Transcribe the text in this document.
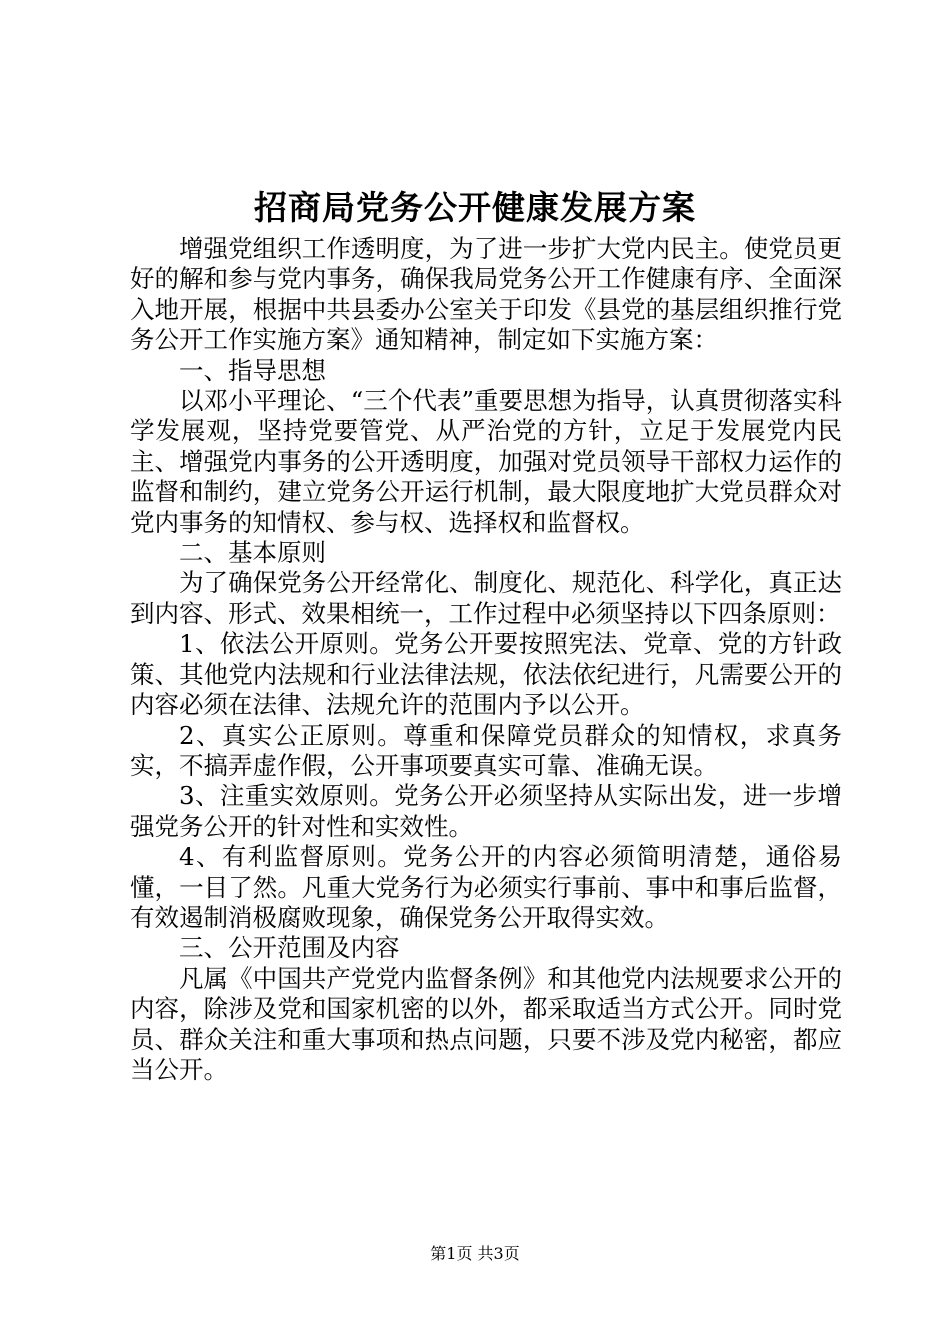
招商局党务公开健康发展方案

增强党组织工作透明度，为了进一步扩大党内民主。使党员更好的解和参与党内事务，确保我局党务公开工作健康有序、全面深入地开展，根据中共县委办公室关于印发《县党的基层组织推行党务公开工作实施方案》通知精神，制定如下实施方案：

一、指导思想

以邓小平理论、“三个代表”重要思想为指导，认真贯彻落实科学发展观，坚持党要管党、从严治党的方针，立足于发展党内民主、增强党内事务的公开透明度，加强对党员领导干部权力运作的监督和制约，建立党务公开运行机制，最大限度地扩大党员群众对党内事务的知情权、参与权、选择权和监督权。

二、基本原则

为了确保党务公开经常化、制度化、规范化、科学化，真正达到内容、形式、效果相统一，工作过程中必须坚持以下四条原则：

1、依法公开原则。党务公开要按照宪法、党章、党的方针政策、其他党内法规和行业法律法规，依法依纪进行，凡需要公开的内容必须在法律、法规允许的范围内予以公开。

2、真实公正原则。尊重和保障党员群众的知情权，求真务实，不搞弄虚作假，公开事项要真实可靠、准确无误。

3、注重实效原则。党务公开必须坚持从实际出发，进一步增强党务公开的针对性和实效性。

4、有利监督原则。党务公开的内容必须简明清楚，通俗易懂，一目了然。凡重大党务行为必须实行事前、事中和事后监督，有效遏制消极腐败现象，确保党务公开取得实效。

三、公开范围及内容

凡属《中国共产党党内监督条例》和其他党内法规要求公开的内容，除涉及党和国家机密的以外，都采取适当方式公开。同时党员、群众关注和重大事项和热点问题，只要不涉及党内秘密，都应当公开。

第1页 共3页
